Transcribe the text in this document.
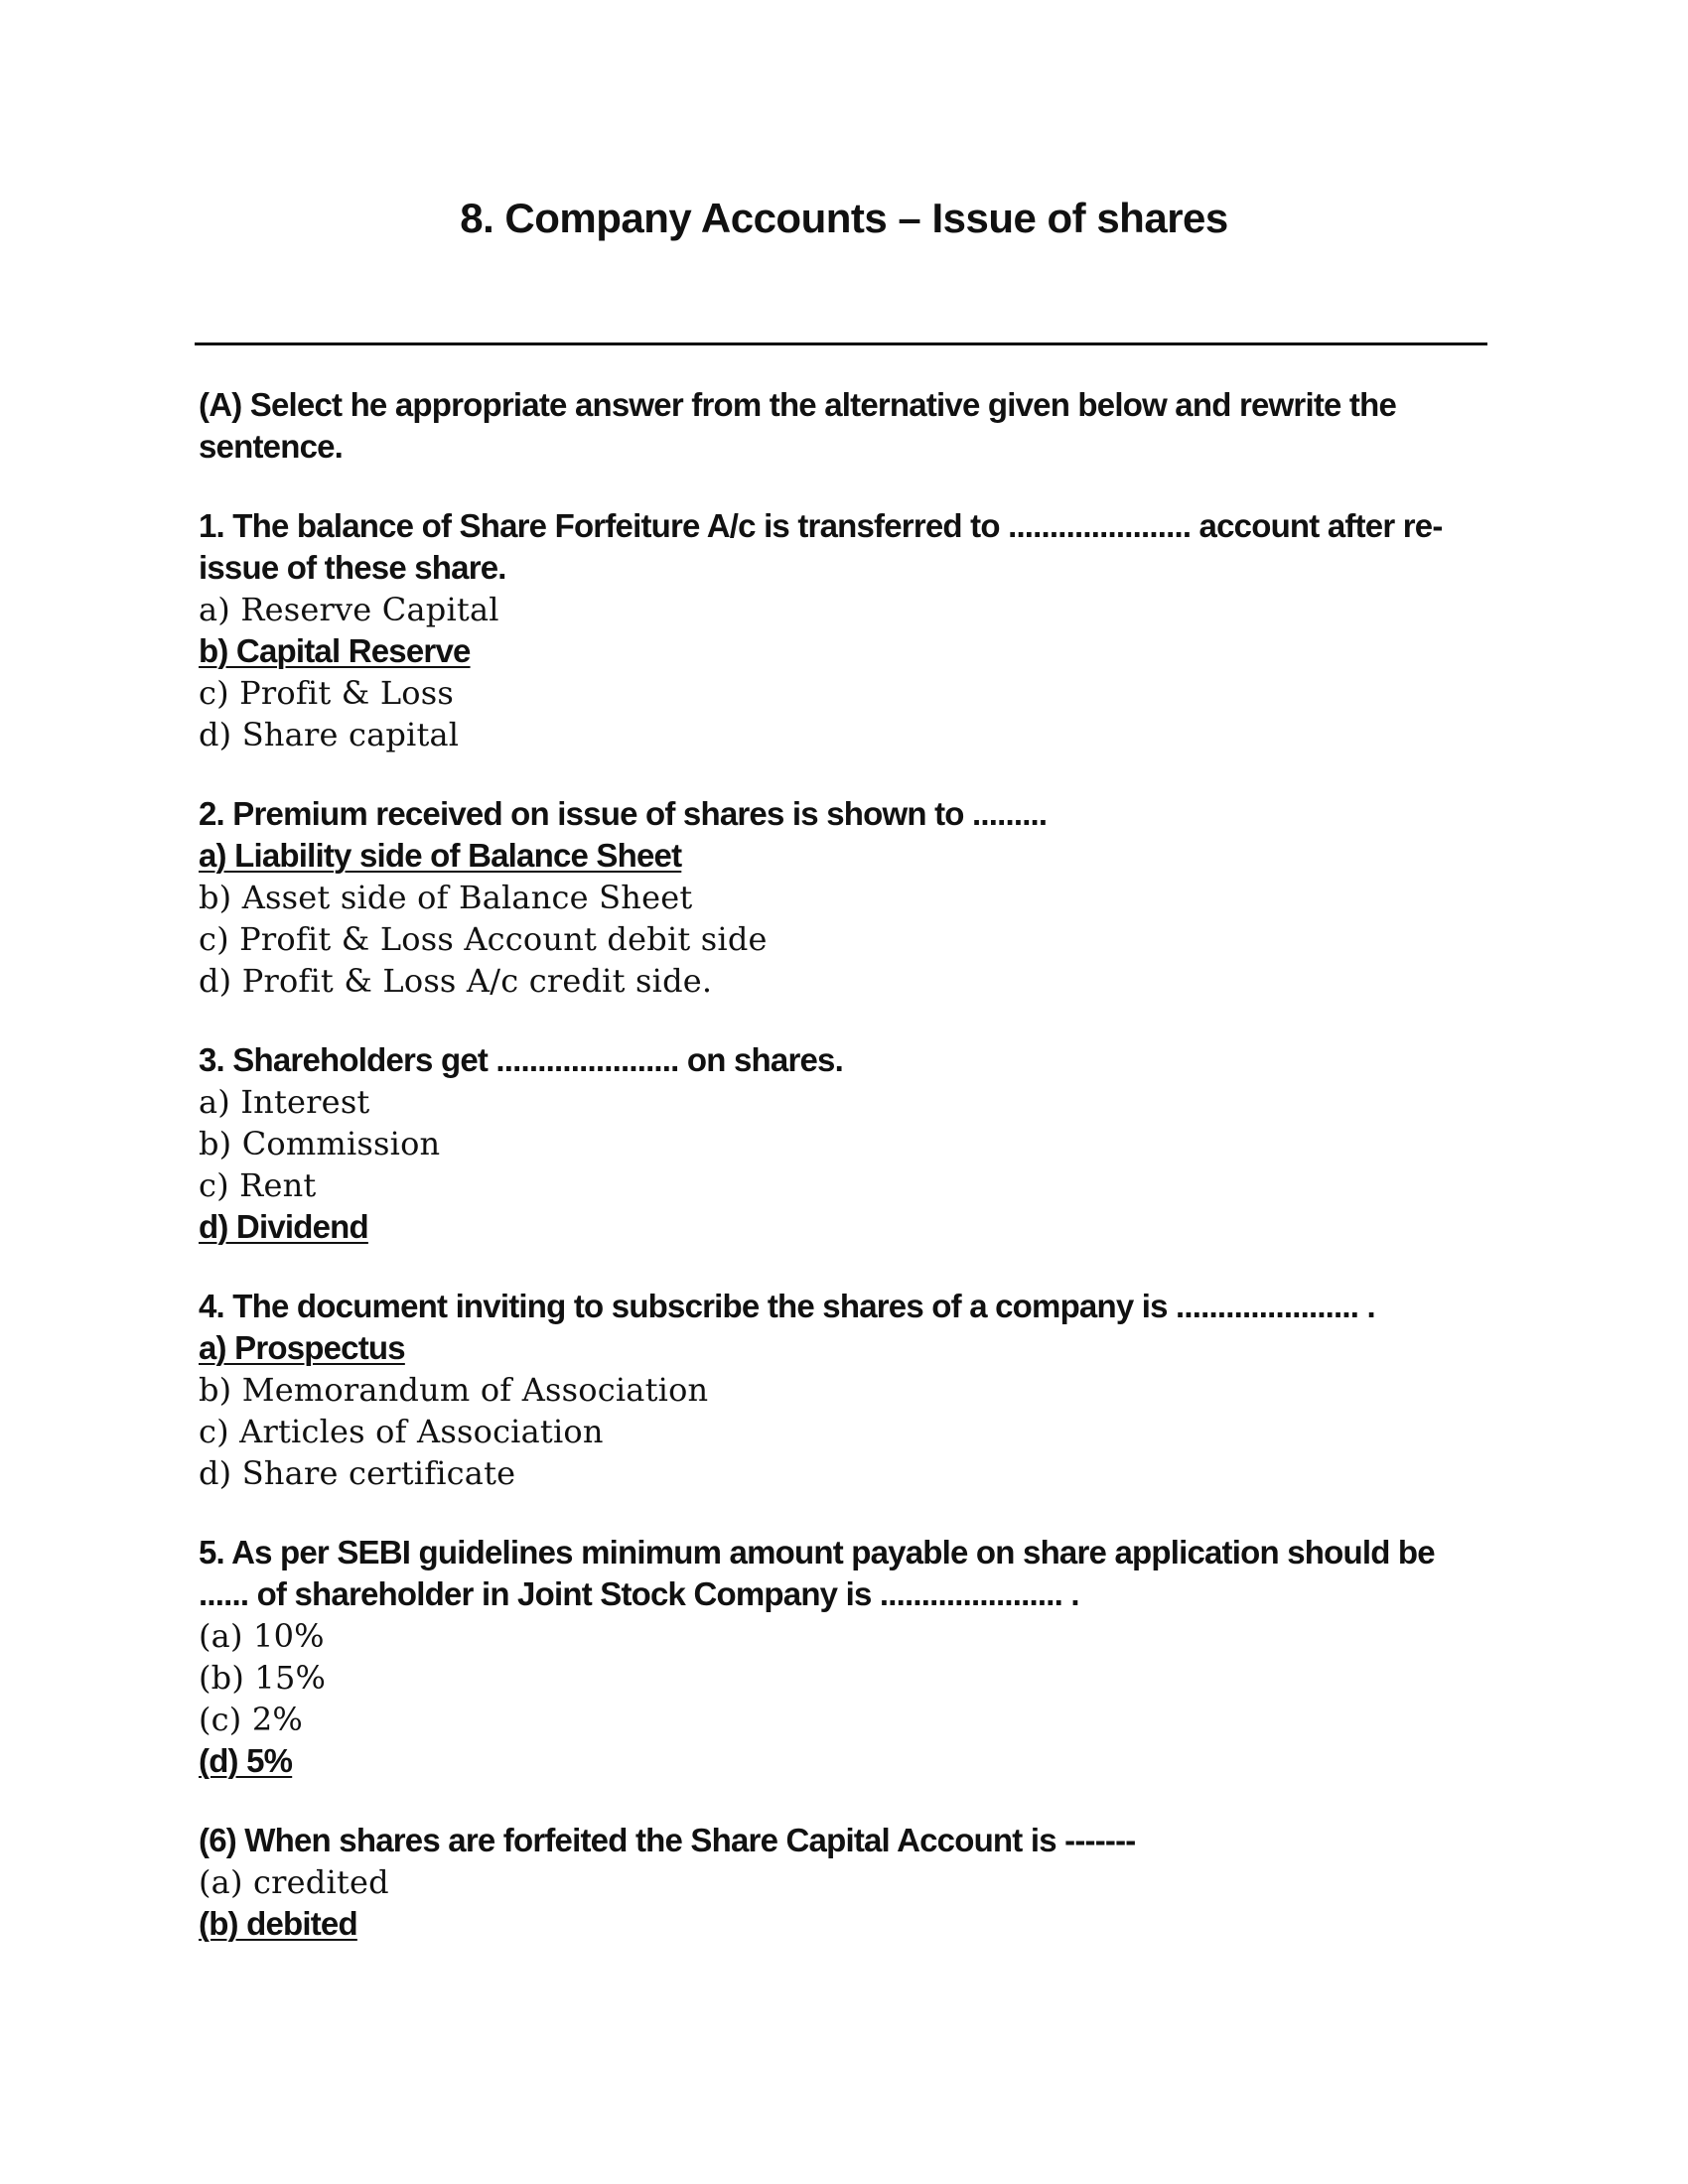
8. Company Accounts – Issue of shares

(A) Select he appropriate answer from the alternative given below and rewrite the sentence.

1. The balance of Share Forfeiture A/c is transferred to ...................... account after re-issue of these share.

a) Reserve Capital
b) Capital Reserve
c) Profit & Loss
d) Share capital

2. Premium received on issue of shares is shown to .........

a) Liability side of Balance Sheet
b) Asset side of Balance Sheet
c) Profit & Loss Account debit side
d) Profit & Loss A/c credit side.

3. Shareholders get ...................... on shares.

a) Interest
b) Commission
c) Rent
d) Dividend

4. The document inviting to subscribe the shares of a company is ...................... .

a) Prospectus
b) Memorandum of Association
c) Articles of Association
d) Share certificate

5. As per SEBI guidelines minimum amount payable on share application should be ...... of shareholder in Joint Stock Company is ...................... .

(a) 10%
(b) 15%
(c) 2%
(d) 5%

(6) When shares are forfeited the Share Capital Account is -------

(a) credited
(b) debited
